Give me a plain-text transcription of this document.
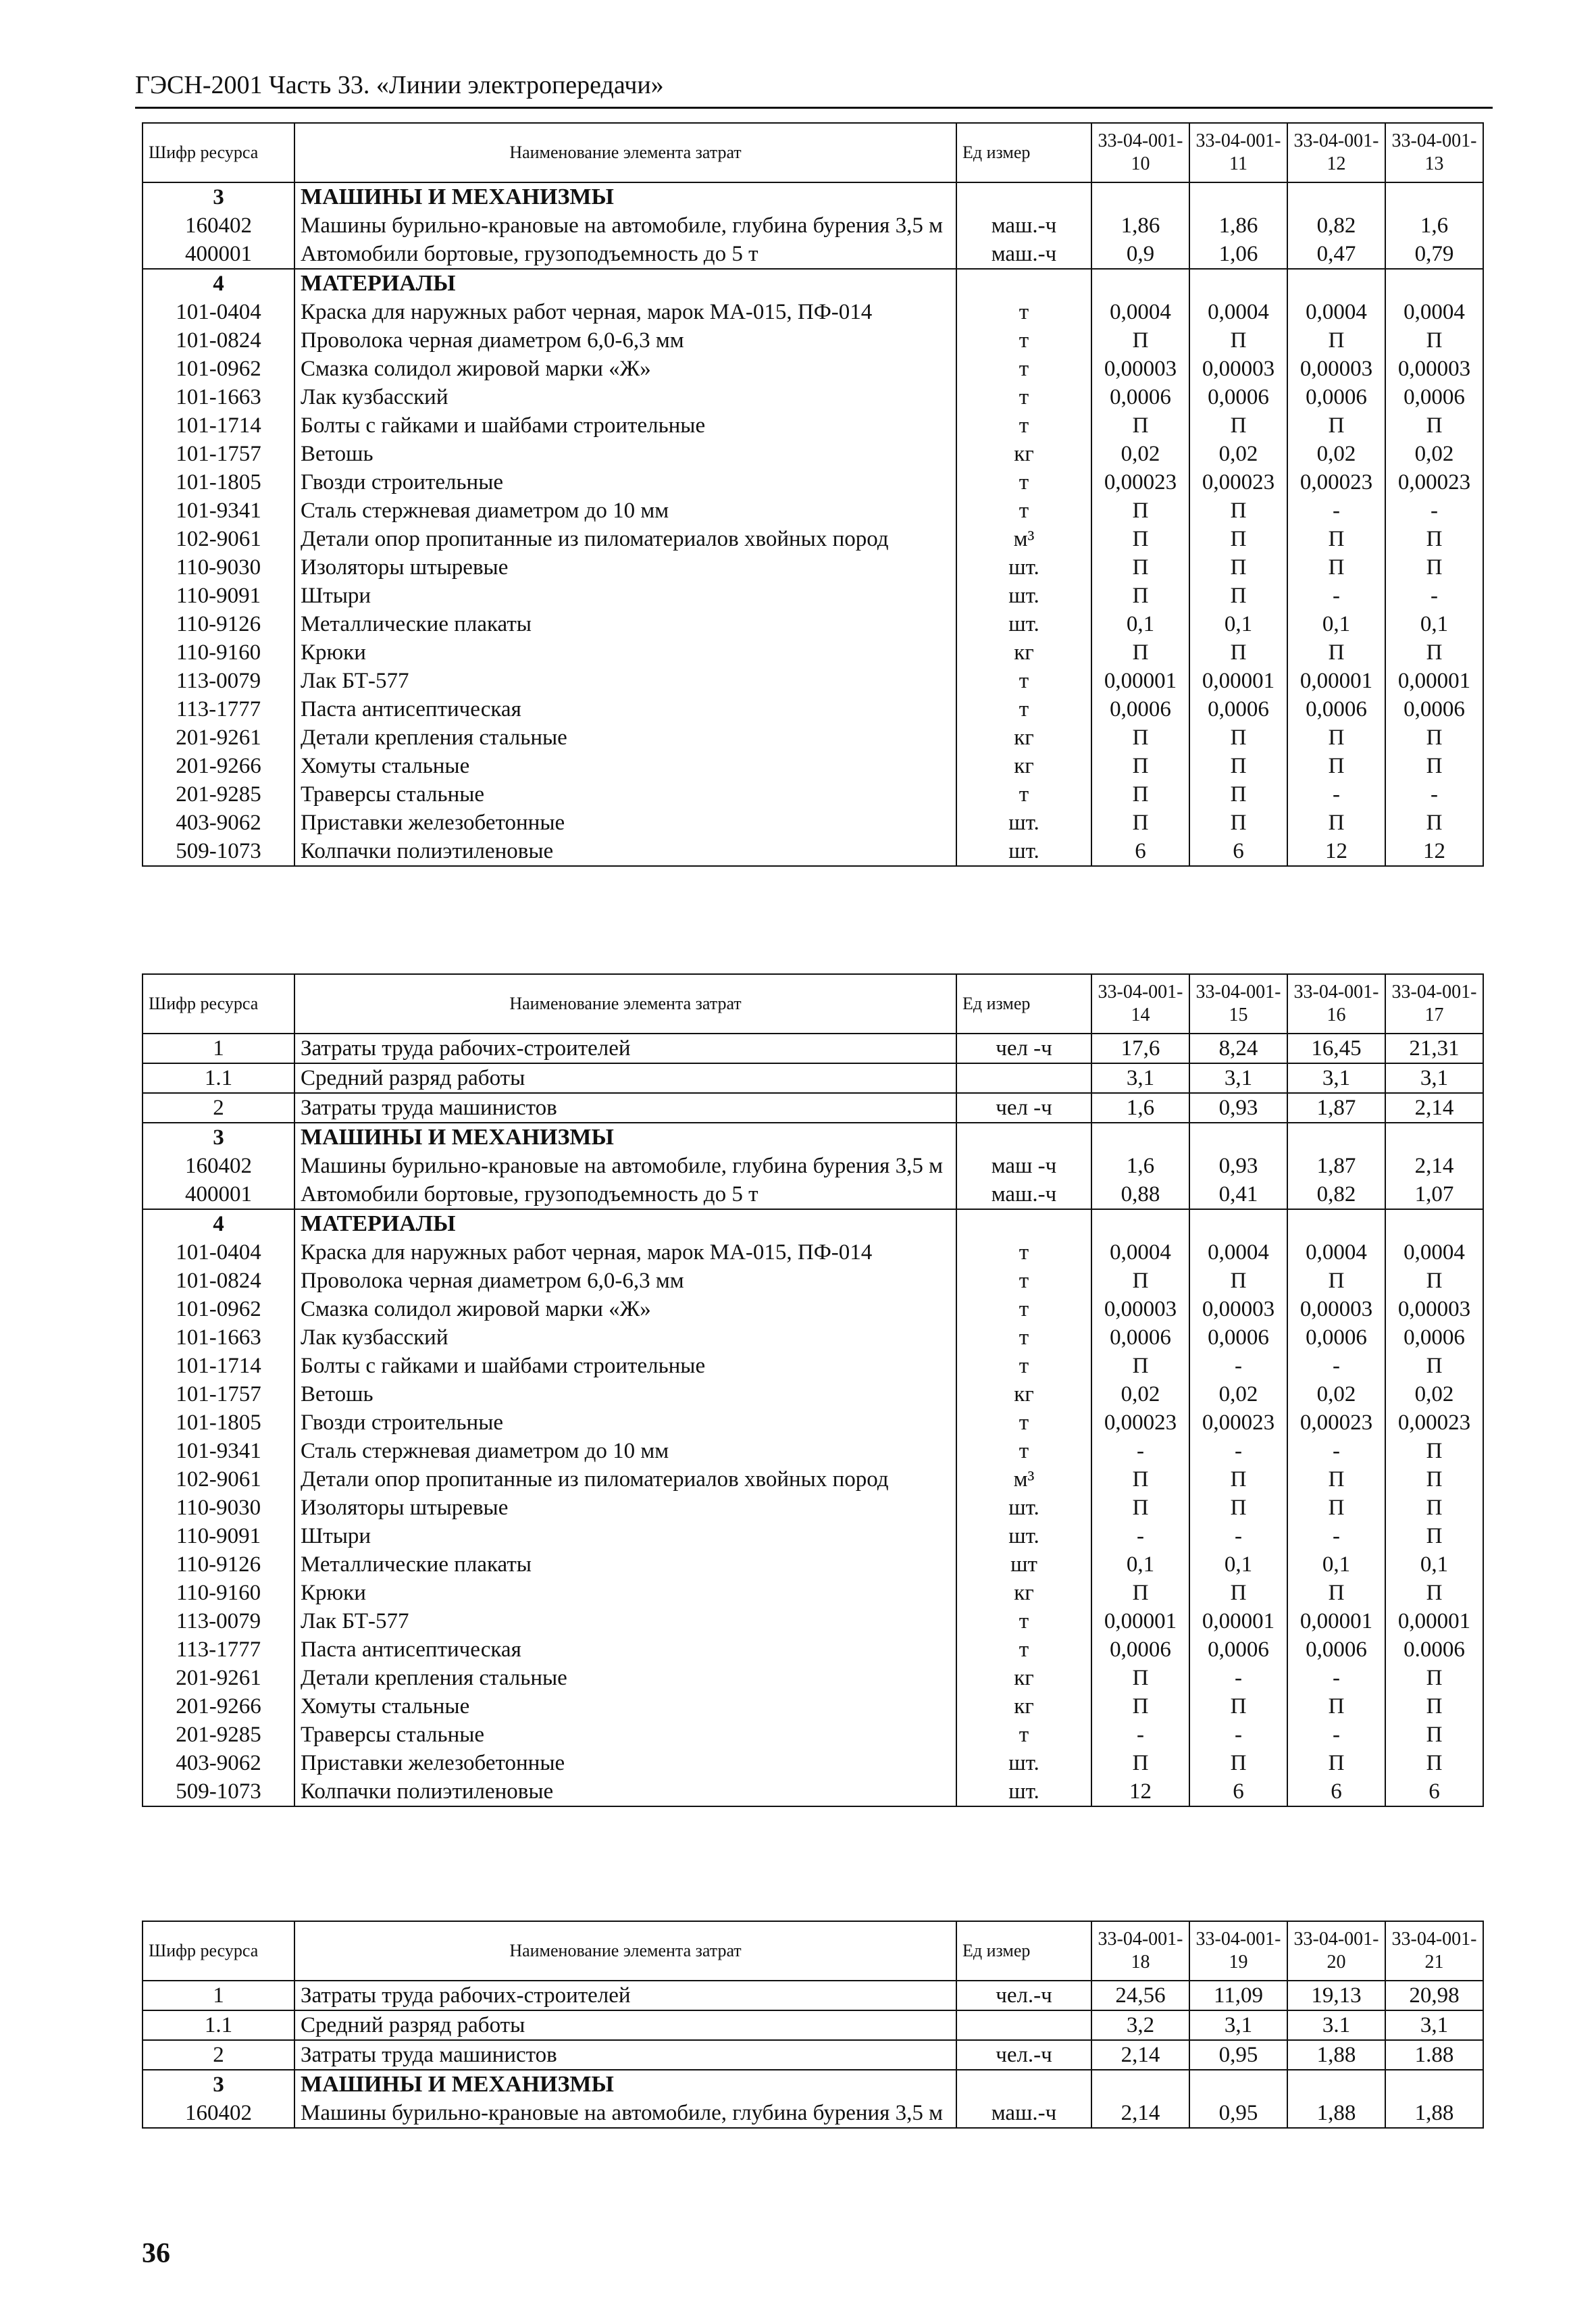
ГЭСН-2001 Часть 33. «Линии электропередачи»
Шифр ресурса	Наименование элемента затрат	Ед измер	33-04-001-10	33-04-001-11	33-04-001-12	33-04-001-13
3	МАШИНЫ И МЕХАНИЗМЫ					
160402	Машины бурильно-крановые на автомобиле, глубина бурения 3,5 м	маш.-ч	1,86	1,86	0,82	1,6
400001	Автомобили бортовые, грузоподъемность до 5 т	маш.-ч	0,9	1,06	0,47	0,79
4	МАТЕРИАЛЫ					
101-0404	Краска для наружных работ черная, марок МА-015, ПФ-014	т	0,0004	0,0004	0,0004	0,0004
101-0824	Проволока черная диаметром 6,0-6,3 мм	т	П	П	П	П
101-0962	Смазка солидол жировой марки «Ж»	т	0,00003	0,00003	0,00003	0,00003
101-1663	Лак кузбасский	т	0,0006	0,0006	0,0006	0,0006
101-1714	Болты с гайками и шайбами строительные	т	П	П	П	П
101-1757	Ветошь	кг	0,02	0,02	0,02	0,02
101-1805	Гвозди строительные	т	0,00023	0,00023	0,00023	0,00023
101-9341	Сталь стержневая диаметром до 10 мм	т	П	П	-	-
102-9061	Детали опор пропитанные из пиломатериалов хвойных пород	м³	П	П	П	П
110-9030	Изоляторы штыревые	шт.	П	П	П	П
110-9091	Штыри	шт.	П	П	-	-
110-9126	Металлические плакаты	шт.	0,1	0,1	0,1	0,1
110-9160	Крюки	кг	П	П	П	П
113-0079	Лак БТ-577	т	0,00001	0,00001	0,00001	0,00001
113-1777	Паста антисептическая	т	0,0006	0,0006	0,0006	0,0006
201-9261	Детали крепления стальные	кг	П	П	П	П
201-9266	Хомуты стальные	кг	П	П	П	П
201-9285	Траверсы стальные	т	П	П	-	-
403-9062	Приставки железобетонные	шт.	П	П	П	П
509-1073	Колпачки полиэтиленовые	шт.	6	6	12	12
Шифр ресурса	Наименование элемента затрат	Ед измер	33-04-001-14	33-04-001-15	33-04-001-16	33-04-001-17
1	Затраты труда рабочих-строителей	чел -ч	17,6	8,24	16,45	21,31
1.1	Средний разряд работы		3,1	3,1	3,1	3,1
2	Затраты труда машинистов	чел -ч	1,6	0,93	1,87	2,14
3	МАШИНЫ И МЕХАНИЗМЫ					
160402	Машины бурильно-крановые на автомобиле, глубина бурения 3,5 м	маш -ч	1,6	0,93	1,87	2,14
400001	Автомобили бортовые, грузоподъемность до 5 т	маш.-ч	0,88	0,41	0,82	1,07
4	МАТЕРИАЛЫ					
101-0404	Краска для наружных работ черная, марок МА-015, ПФ-014	т	0,0004	0,0004	0,0004	0,0004
101-0824	Проволока черная диаметром 6,0-6,3 мм	т	П	П	П	П
101-0962	Смазка солидол жировой марки «Ж»	т	0,00003	0,00003	0,00003	0,00003
101-1663	Лак кузбасский	т	0,0006	0,0006	0,0006	0,0006
101-1714	Болты с гайками и шайбами строительные	т	П	-	-	П
101-1757	Ветошь	кг	0,02	0,02	0,02	0,02
101-1805	Гвозди строительные	т	0,00023	0,00023	0,00023	0,00023
101-9341	Сталь стержневая диаметром до 10 мм	т	-	-	-	П
102-9061	Детали опор пропитанные из пиломатериалов хвойных пород	м³	П	П	П	П
110-9030	Изоляторы штыревые	шт.	П	П	П	П
110-9091	Штыри	шт.	-	-	-	П
110-9126	Металлические плакаты	шт	0,1	0,1	0,1	0,1
110-9160	Крюки	кг	П	П	П	П
113-0079	Лак БТ-577	т	0,00001	0,00001	0,00001	0,00001
113-1777	Паста антисептическая	т	0,0006	0,0006	0,0006	0.0006
201-9261	Детали крепления стальные	кг	П	-	-	П
201-9266	Хомуты стальные	кг	П	П	П	П
201-9285	Траверсы стальные	т	-	-	-	П
403-9062	Приставки железобетонные	шт.	П	П	П	П
509-1073	Колпачки полиэтиленовые	шт.	12	6	6	6
Шифр ресурса	Наименование элемента затрат	Ед измер	33-04-001-18	33-04-001-19	33-04-001-20	33-04-001-21
1	Затраты труда рабочих-строителей	чел.-ч	24,56	11,09	19,13	20,98
1.1	Средний разряд работы		3,2	3,1	3.1	3,1
2	Затраты труда машинистов	чел.-ч	2,14	0,95	1,88	1.88
3	МАШИНЫ И МЕХАНИЗМЫ					
160402	Машины бурильно-крановые на автомобиле, глубина бурения 3,5 м	маш.-ч	2,14	0,95	1,88	1,88
36
